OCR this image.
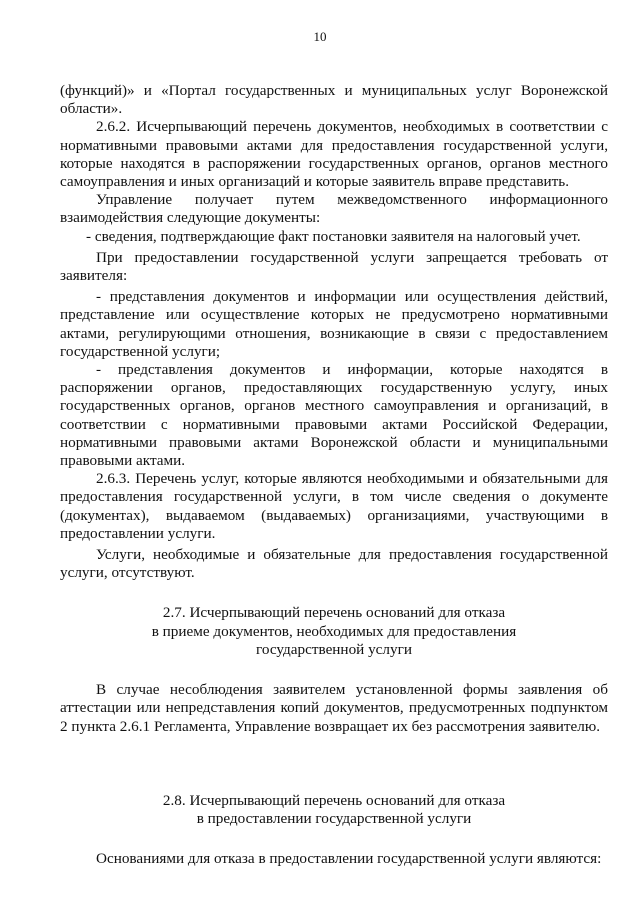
10

(функций)» и «Портал государственных и муниципальных услуг Воронежской области».

2.6.2. Исчерпывающий перечень документов, необходимых в соответствии с нормативными правовыми актами для предоставления государственной услуги, которые находятся в распоряжении государственных органов, органов местного самоуправления и иных организаций и которые заявитель вправе представить.

Управление получает путем межведомственного информационного взаимодействия следующие документы:

- сведения, подтверждающие факт постановки заявителя на налоговый учет.

При предоставлении государственной услуги запрещается требовать от заявителя:

- представления документов и информации или осуществления действий, представление или осуществление которых не предусмотрено нормативными актами, регулирующими отношения, возникающие в связи с предоставлением государственной услуги;

- представления документов и информации, которые находятся в распоряжении органов, предоставляющих государственную услугу, иных государственных органов, органов местного самоуправления и организаций, в соответствии с нормативными правовыми актами Российской Федерации, нормативными правовыми актами Воронежской области и муниципальными правовыми актами.

2.6.3. Перечень услуг, которые являются необходимыми и обязательными для предоставления государственной услуги, в том числе сведения о документе (документах), выдаваемом (выдаваемых) организациями, участвующими в предоставлении услуги.

Услуги, необходимые и обязательные для предоставления государственной услуги, отсутствуют.

2.7. Исчерпывающий перечень оснований для отказа
в приеме документов, необходимых для предоставления
государственной услуги

В случае несоблюдения заявителем установленной формы заявления об аттестации или непредставления копий документов, предусмотренных подпунктом 2 пункта 2.6.1 Регламента, Управление возвращает их без рассмотрения заявителю.

2.8. Исчерпывающий перечень оснований для отказа
в предоставлении государственной услуги

Основаниями для отказа в предоставлении государственной услуги являются:
